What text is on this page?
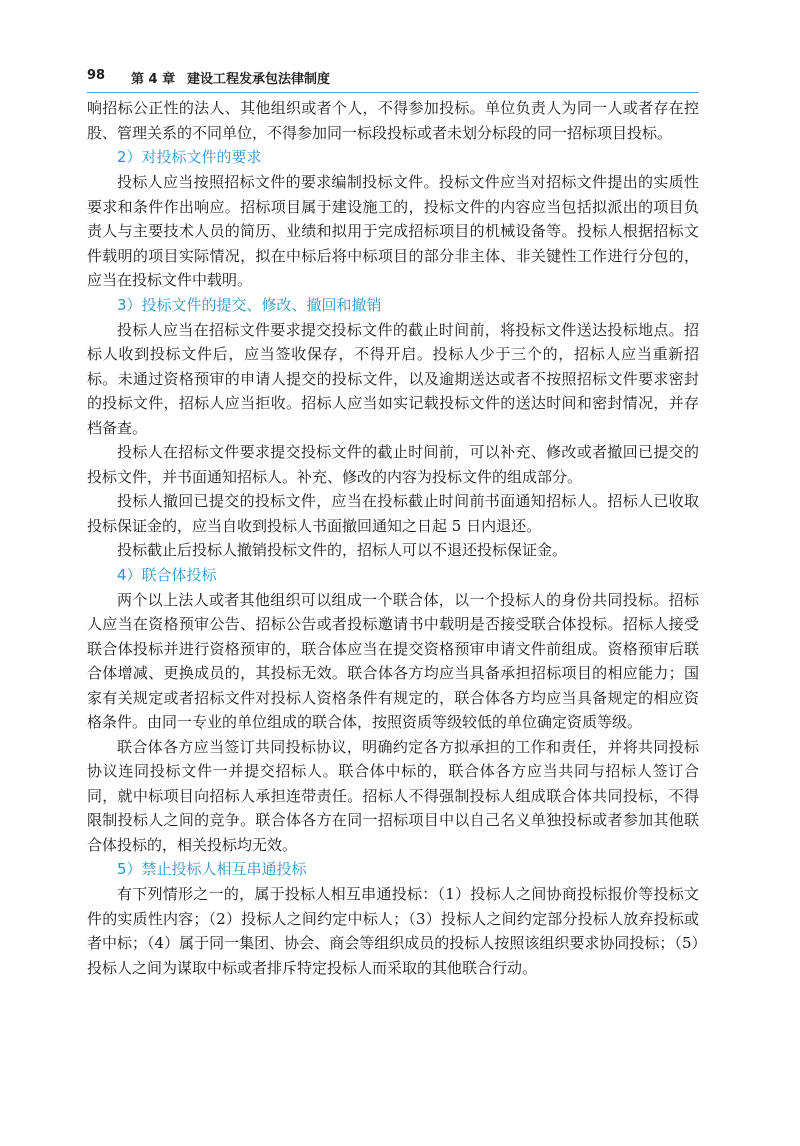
98 第 4 章 建设工程发承包法律制度

响招标公正性的法人、其他组织或者个人，不得参加投标。单位负责人为同一人或者存在控股、管理关系的不同单位，不得参加同一标段投标或者未划分标段的同一招标项目投标。

2）对投标文件的要求

投标人应当按照招标文件的要求编制投标文件。投标文件应当对招标文件提出的实质性要求和条件作出响应。招标项目属于建设施工的，投标文件的内容应当包括拟派出的项目负责人与主要技术人员的简历、业绩和拟用于完成招标项目的机械设备等。投标人根据招标文件载明的项目实际情况，拟在中标后将中标项目的部分非主体、非关键性工作进行分包的，应当在投标文件中载明。

3）投标文件的提交、修改、撤回和撤销

投标人应当在招标文件要求提交投标文件的截止时间前，将投标文件送达投标地点。招标人收到投标文件后，应当签收保存，不得开启。投标人少于三个的，招标人应当重新招标。未通过资格预审的申请人提交的投标文件，以及逾期送达或者不按照招标文件要求密封的投标文件，招标人应当拒收。招标人应当如实记载投标文件的送达时间和密封情况，并存档备查。

投标人在招标文件要求提交投标文件的截止时间前，可以补充、修改或者撤回已提交的投标文件，并书面通知招标人。补充、修改的内容为投标文件的组成部分。

投标人撤回已提交的投标文件，应当在投标截止时间前书面通知招标人。招标人已收取投标保证金的，应当自收到投标人书面撤回通知之日起 5 日内退还。

投标截止后投标人撤销投标文件的，招标人可以不退还投标保证金。

4）联合体投标

两个以上法人或者其他组织可以组成一个联合体，以一个投标人的身份共同投标。招标人应当在资格预审公告、招标公告或者投标邀请书中载明是否接受联合体投标。招标人接受联合体投标并进行资格预审的，联合体应当在提交资格预审申请文件前组成。资格预审后联合体增减、更换成员的，其投标无效。联合体各方均应当具备承担招标项目的相应能力；国家有关规定或者招标文件对投标人资格条件有规定的，联合体各方均应当具备规定的相应资格条件。由同一专业的单位组成的联合体，按照资质等级较低的单位确定资质等级。

联合体各方应当签订共同投标协议，明确约定各方拟承担的工作和责任，并将共同投标协议连同投标文件一并提交招标人。联合体中标的，联合体各方应当共同与招标人签订合同，就中标项目向招标人承担连带责任。招标人不得强制投标人组成联合体共同投标，不得限制投标人之间的竞争。联合体各方在同一招标项目中以自己名义单独投标或者参加其他联合体投标的，相关投标均无效。

5）禁止投标人相互串通投标

有下列情形之一的，属于投标人相互串通投标：（1）投标人之间协商投标报价等投标文件的实质性内容；（2）投标人之间约定中标人；（3）投标人之间约定部分投标人放弃投标或者中标；（4）属于同一集团、协会、商会等组织成员的投标人按照该组织要求协同投标；（5）投标人之间为谋取中标或者排斥特定投标人而采取的其他联合行动。
